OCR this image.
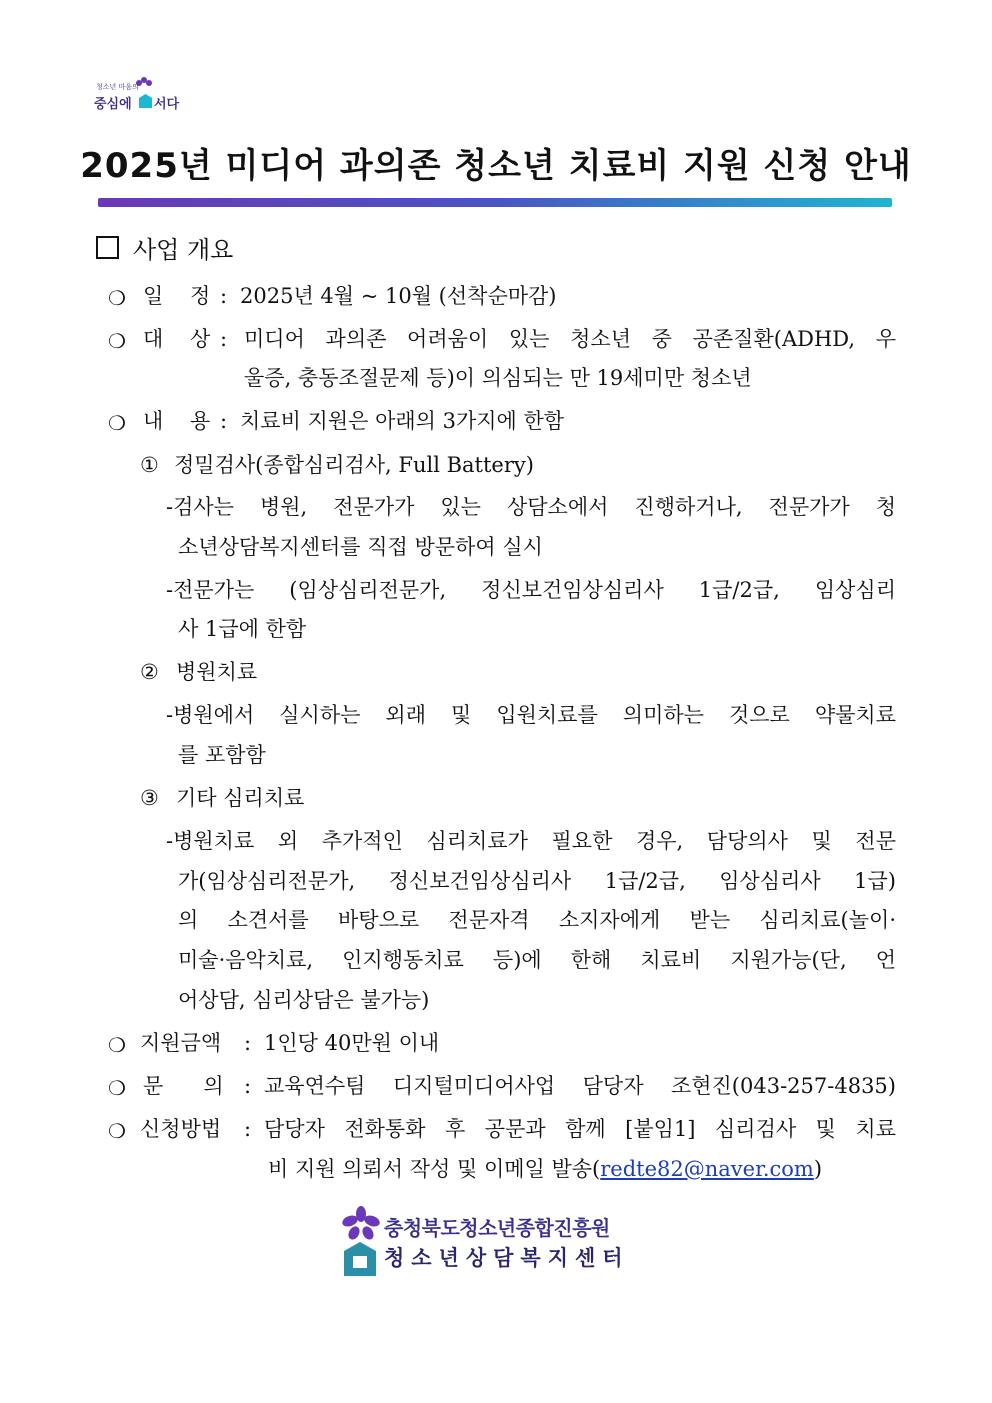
청소년 마음의
중심에 서다
2025년 미디어 과의존 청소년 치료비 지원 신청 안내
사업 개요
❍ 일    정 : 2025년 4월 ~ 10월 (선착순마감)
❍ 대    상 : 미디어 과의존 어려움이 있는 청소년 중 공존질환(ADHD, 우
울증, 충동조절문제 등)이 의심되는 만 19세미만 청소년
❍ 내    용 : 치료비 지원은 아래의 3가지에 한함
① 정밀검사(종합심리검사, Full Battery)
-검사는 병원, 전문가가 있는 상담소에서 진행하거나, 전문가가 청
소년상담복지센터를 직접 방문하여 실시
-전문가는 (임상심리전문가, 정신보건임상심리사 1급/2급, 임상심리
사 1급에 한함
② 병원치료
-병원에서 실시하는 외래 및 입원치료를 의미하는 것으로 약물치료
를 포함함
③ 기타 심리치료
-병원치료 외 추가적인 심리치료가 필요한 경우, 담당의사 및 전문
가(임상심리전문가, 정신보건임상심리사 1급/2급, 임상심리사 1급)
의 소견서를 바탕으로 전문자격 소지자에게 받는 심리치료(놀이·
미술·음악치료, 인지행동치료 등)에 한해 치료비 지원가능(단, 언
어상담, 심리상담은 불가능)
❍ 지원금액 : 1인당 40만원 이내
❍ 문      의 : 교육연수팀 디지털미디어사업 담당자 조현진(043-257-4835)
❍ 신청방법 : 담당자 전화통화 후 공문과 함께 [붙임1] 심리검사 및 치료
비 지원 의뢰서 작성 및 이메일 발송(redte82@naver.com)
충청북도청소년종합진흥원
청소년상담복지센터
